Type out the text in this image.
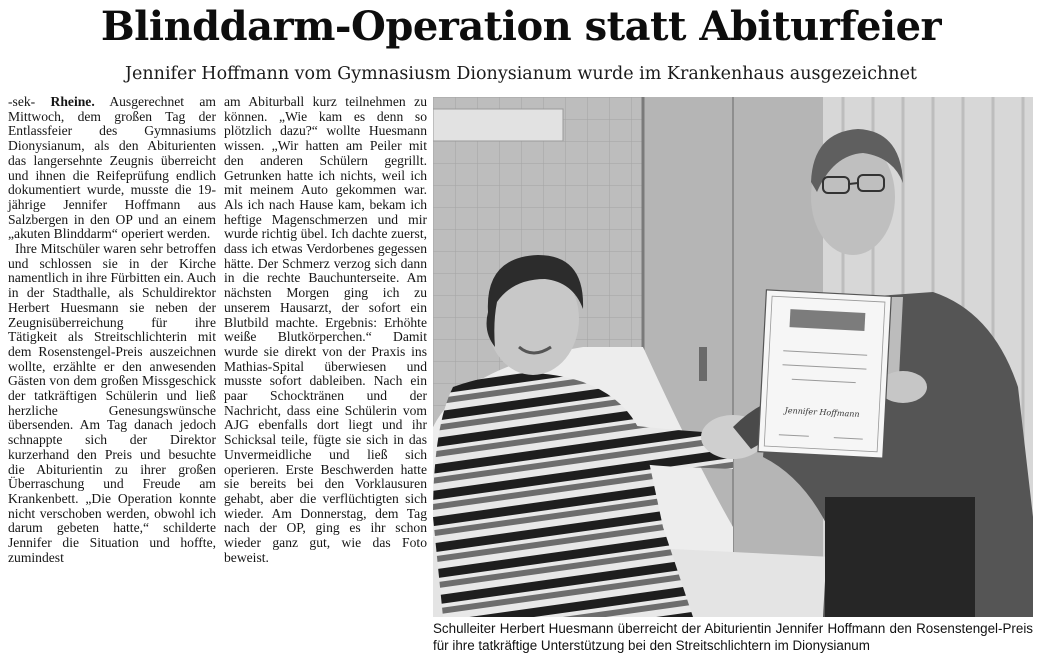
Blinddarm-Operation statt Abiturfeier
Jennifer Hoffmann vom Gymnasiusm Dionysianum wurde im Krankenhaus ausgezeichnet

-sek- Rheine. Ausgerechnet am Mittwoch, dem großen Tag der Entlassfeier des Gymnasiums Dionysianum, als den Abiturienten das langersehnte Zeugnis überreicht und ihnen die Reifeprüfung endlich dokumentiert wurde, musste die 19-jährige Jennifer Hoffmann aus Salzbergen in den OP und an einem „akuten Blinddarm“ operiert werden.

Ihre Mitschüler waren sehr betroffen und schlossen sie in der Kirche namentlich in ihre Fürbitten ein. Auch in der Stadthalle, als Schuldirektor Herbert Huesmann sie neben der Zeugnisüberreichung für ihre Tätigkeit als Streitschlichterin mit dem Rosenstengel-Preis auszeichnen wollte, erzählte er den anwesenden Gästen von dem großen Missgeschick der tatkräftigen Schülerin und ließ herzliche Genesungswünsche übersenden. Am Tag danach jedoch schnappte sich der Direktor kurzerhand den Preis und besuchte die Abiturientin zu ihrer großen Überraschung und Freude am Krankenbett. „Die Operation konnte nicht verschoben werden, obwohl ich darum gebeten hatte,“ schilderte Jennifer die Situation und hoffte, zumindest

am Abiturball kurz teilnehmen zu können. „Wie kam es denn so plötzlich dazu?“ wollte Huesmann wissen. „Wir hatten am Peiler mit den anderen Schülern gegrillt. Getrunken hatte ich nichts, weil ich mit meinem Auto gekommen war. Als ich nach Hause kam, bekam ich heftige Magenschmerzen und mir wurde richtig übel. Ich dachte zuerst, dass ich etwas Verdorbenes gegessen hätte. Der Schmerz verzog sich dann in die rechte Bauchunterseite. Am nächsten Morgen ging ich zu unserem Hausarzt, der sofort ein Blutbild machte. Ergebnis: Erhöhte weiße Blutkörperchen.“ Damit wurde sie direkt von der Praxis ins Mathias-Spital überwiesen und musste sofort dableiben. Nach ein paar Schocktränen und der Nachricht, dass eine Schülerin vom AJG ebenfalls dort liegt und ihr Schicksal teile, fügte sie sich in das Unvermeidliche und ließ sich operieren. Erste Beschwerden hatte sie bereits bei den Vorklausuren gehabt, aber die verflüchtigten sich wieder. Am Donnerstag, dem Tag nach der OP, ging es ihr schon wieder ganz gut, wie das Foto beweist.

Jennifer Hoffmann
Schulleiter Herbert Huesmann überreicht der Abiturientin Jennifer Hoffmann den Rosenstengel-Preis für ihre tatkräftige Unterstützung bei den Streitschlichtern im Dionysianum
